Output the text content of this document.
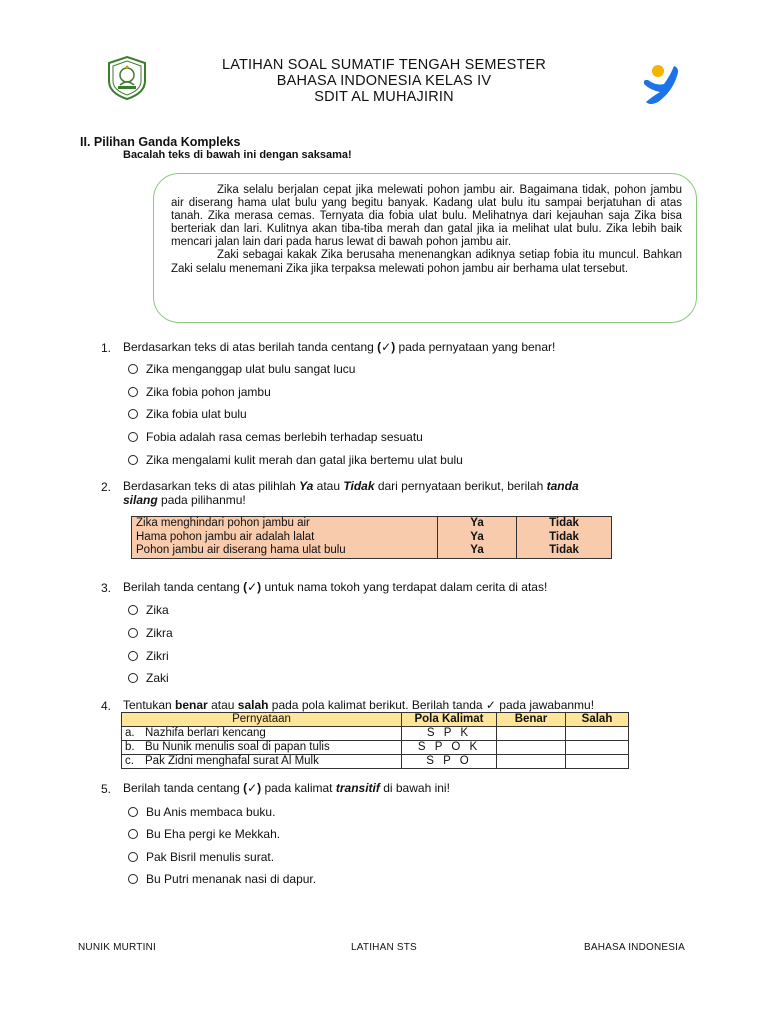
LATIHAN SOAL SUMATIF TENGAH SEMESTER
BAHASA INDONESIA KELAS IV
SDIT AL MUHAJIRIN
II. Pilihan Ganda Kompleks
Bacalah teks di bawah ini dengan saksama!

Zika selalu berjalan cepat jika melewati pohon jambu air. Bagaimana tidak, pohon jambu air diserang hama ulat bulu yang begitu banyak. Kadang ulat bulu itu sampai berjatuhan di atas tanah. Zika merasa cemas. Ternyata dia fobia ulat bulu. Melihatnya dari kejauhan saja Zika bisa berteriak dan lari. Kulitnya akan tiba-tiba merah dan gatal jika ia melihat ulat bulu. Zika lebih baik mencari jalan lain dari pada harus lewat di bawah pohon jambu air.

Zaki sebagai kakak Zika berusaha menenangkan adiknya setiap fobia itu muncul. Bahkan Zaki selalu menemani Zika jika terpaksa melewati pohon jambu air berhama ulat tersebut.

1. Berdasarkan teks di atas berilah tanda centang (✓) pada pernyataan yang benar!
Zika menganggap ulat bulu sangat lucu
Zika fobia pohon jambu
Zika fobia ulat bulu
Fobia adalah rasa cemas berlebih terhadap sesuatu
Zika mengalami kulit merah dan gatal jika bertemu ulat bulu
2. Berdasarkan teks di atas pilihlah Ya atau Tidak dari pernyataan berikut, berilah tanda
silang pada pilihanmu!
Zika menghindari pohon jambu air	Ya	Tidak
Hama pohon jambu air adalah lalat	Ya	Tidak
Pohon jambu air diserang hama ulat bulu	Ya	Tidak
3. Berilah tanda centang (✓) untuk nama tokoh yang terdapat dalam cerita di atas!
Zika
Zikra
Zikri
Zaki
4. Tentukan benar atau salah pada pola kalimat berikut. Berilah tanda ✓ pada jawabanmu!
Pernyataan		Pola Kalimat	Benar	Salah
a.	Nazhifa berlari kencang	S P K		
b.	Bu Nunik menulis soal di papan tulis	S P O K		
c.	Pak Zidni menghafal surat Al Mulk	S P O		
5. Berilah tanda centang (✓) pada kalimat transitif di bawah ini!
Bu Anis membaca buku.
Bu Eha pergi ke Mekkah.
Pak Bisril menulis surat.
Bu Putri menanak nasi di dapur.
NUNIK MURTINI	LATIHAN STS	BAHASA INDONESIA
